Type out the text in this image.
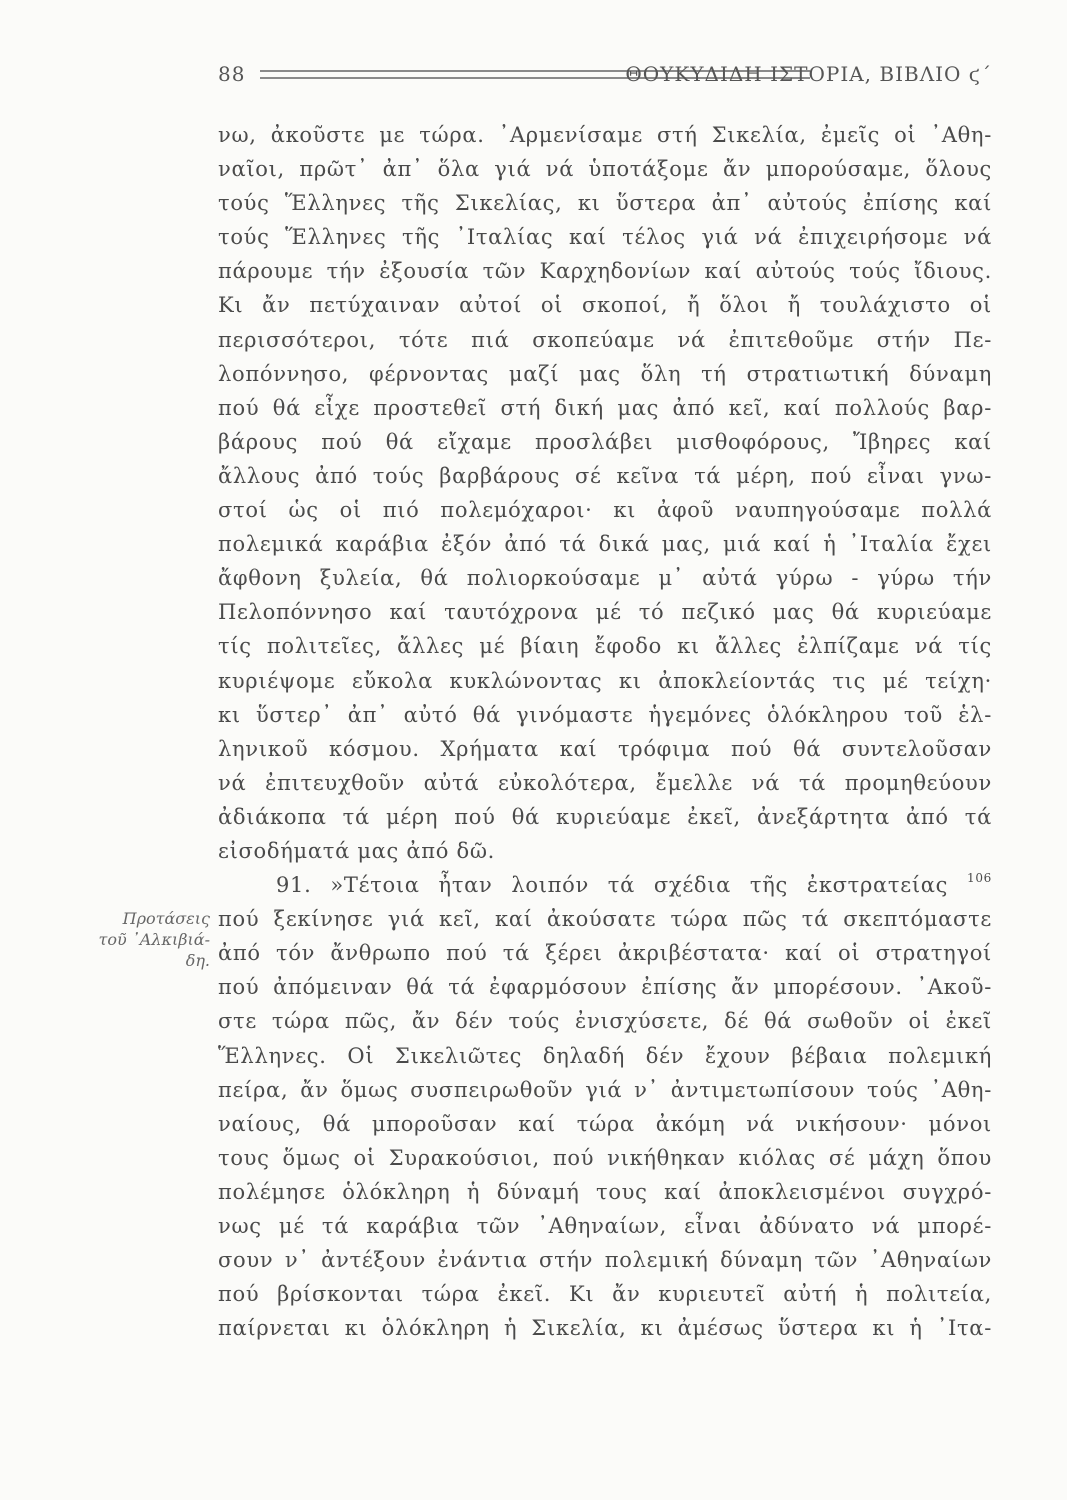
88	ΘΟΥΚΥΔΙΔΗ ΙΣΤΟΡΙΑ, ΒΙΒΛΙΟ ϛ΄
Προτάσεις
τοῦ ᾿Αλκιβιά-
δη.
νω, ἀκοῦστε με τώρα. ᾿Αρμενίσαμε στή Σικελία, ἐμεῖς οἱ ᾿Αθη-
ναῖοι, πρῶτ᾿ ἀπ᾿ ὅλα γιά νά ὑποτάξομε ἄν μπορούσαμε, ὅλους
τούς Ἕλληνες τῆς Σικελίας, κι ὕστερα ἀπ᾿ αὐτούς ἐπίσης καί
τούς Ἕλληνες τῆς ᾿Ιταλίας καί τέλος γιά νά ἐπιχειρήσομε νά
πάρουμε τήν ἐξουσία τῶν Καρχηδονίων καί αὐτούς τούς ἴδιους.
Κι ἄν πετύχαιναν αὐτοί οἱ σκοποί, ἤ ὅλοι ἤ τουλάχιστο οἱ
περισσότεροι, τότε πιά σκοπεύαμε νά ἐπιτεθοῦμε στήν Πε-
λοπόννησο, φέρνοντας μαζί μας ὅλη τή στρατιωτική δύναμη
πού θά εἶχε προστεθεῖ στή δική μας ἀπό κεῖ, καί πολλούς βαρ-
βάρους πού θά εἴχαμε προσλάβει μισθοφόρους, Ἴβηρες καί
ἄλλους ἀπό τούς βαρβάρους σέ κεῖνα τά μέρη, πού εἶναι γνω-
στοί ὡς οἱ πιό πολεμόχαροι· κι ἀφοῦ ναυπηγούσαμε πολλά
πολεμικά καράβια ἐξόν ἀπό τά δικά μας, μιά καί ἡ ᾿Ιταλία ἔχει
ἄφθονη ξυλεία, θά πολιορκούσαμε μ᾿ αὐτά γύρω - γύρω τήν
Πελοπόννησο καί ταυτόχρονα μέ τό πεζικό μας θά κυριεύαμε
τίς πολιτεῖες, ἄλλες μέ βίαιη ἔφοδο κι ἄλλες ἐλπίζαμε νά τίς
κυριέψομε εὔκολα κυκλώνοντας κι ἀποκλείοντάς τις μέ τείχη·
κι ὕστερ᾿ ἀπ᾿ αὐτό θά γινόμαστε ἡγεμόνες ὁλόκληρου τοῦ ἑλ-
ληνικοῦ κόσμου. Χρήματα καί τρόφιμα πού θά συντελοῦσαν
νά ἐπιτευχθοῦν αὐτά εὐκολότερα, ἔμελλε νά τά προμηθεύουν
ἀδιάκοπα τά μέρη πού θά κυριεύαμε ἐκεῖ, ἀνεξάρτητα ἀπό τά
εἰσοδήματά μας ἀπό δῶ.
91. »Τέτοια ἦταν λοιπόν τά σχέδια τῆς ἐκστρατείας $^{106}$
πού ξεκίνησε γιά κεῖ, καί ἀκούσατε τώρα πῶς τά σκεπτόμαστε
ἀπό τόν ἄνθρωπο πού τά ξέρει ἀκριβέστατα· καί οἱ στρατηγοί
πού ἀπόμειναν θά τά ἐφαρμόσουν ἐπίσης ἄν μπορέσουν. ᾿Ακοῦ-
στε τώρα πῶς, ἄν δέν τούς ἐνισχύσετε, δέ θά σωθοῦν οἱ ἐκεῖ
Ἕλληνες. Οἱ Σικελιῶτες δηλαδή δέν ἔχουν βέβαια πολεμική
πείρα, ἄν ὅμως συσπειρωθοῦν γιά ν᾿ ἀντιμετωπίσουν τούς ᾿Αθη-
ναίους, θά μποροῦσαν καί τώρα ἀκόμη νά νικήσουν· μόνοι
τους ὅμως οἱ Συρακούσιοι, πού νικήθηκαν κιόλας σέ μάχη ὅπου
πολέμησε ὁλόκληρη ἡ δύναμή τους καί ἀποκλεισμένοι συγχρό-
νως μέ τά καράβια τῶν ᾿Αθηναίων, εἶναι ἀδύνατο νά μπορέ-
σουν ν᾿ ἀντέξουν ἐνάντια στήν πολεμική δύναμη τῶν ᾿Αθηναίων
πού βρίσκονται τώρα ἐκεῖ. Κι ἄν κυριευτεῖ αὐτή ἡ πολιτεία,
παίρνεται κι ὁλόκληρη ἡ Σικελία, κι ἀμέσως ὕστερα κι ἡ ᾿Ιτα-
